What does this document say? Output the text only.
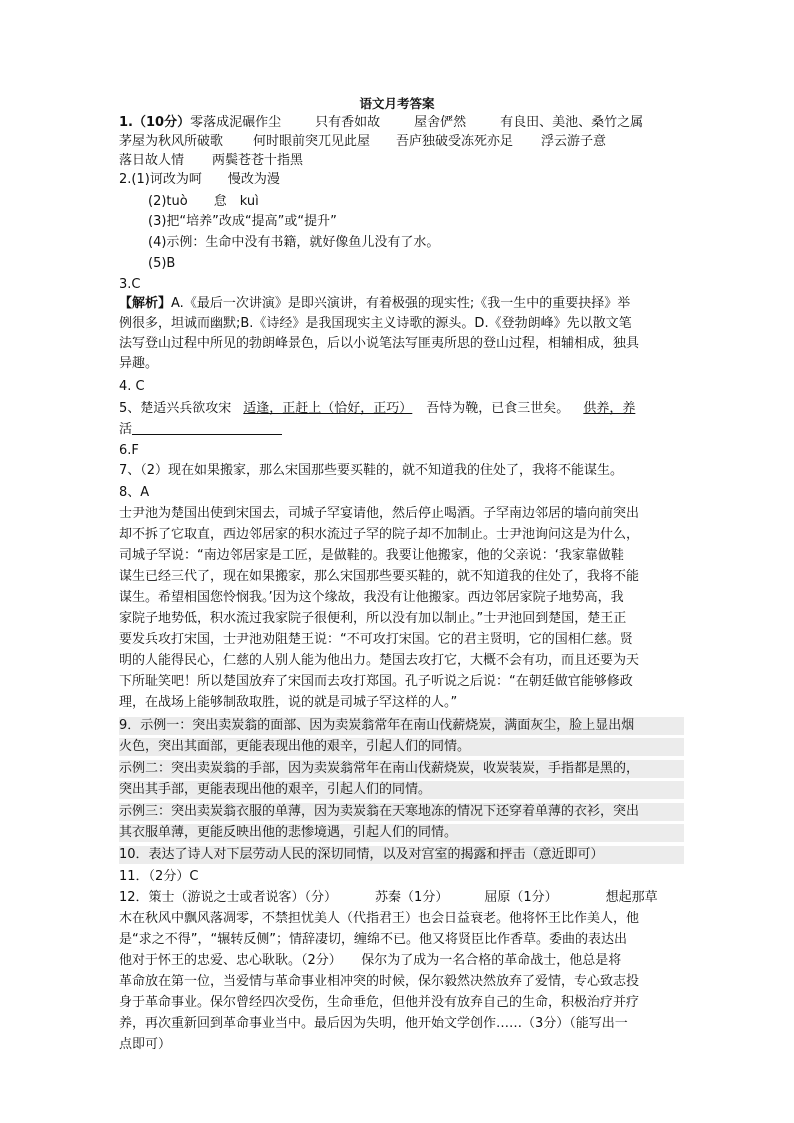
语文月考答案
1.（10分）零落成泥碾作尘	只有香如故	屋舍俨然	有良田、美池、桑竹之属
茅屋为秋风所破歌 何时眼前突兀见此屋 吾庐独破受冻死亦足 浮云游子意
落日故人情 两鬓苍苍十指黑
2.(1)诃改为呵　　慢改为漫
(2)tuò　　怠　kuì
(3)把“培养”改成“提高”或“提升”
(4)示例：生命中没有书籍，就好像鱼儿没有了水。
(5)B
3.C
【解析】A.《最后一次讲演》是即兴演讲，有着极强的现实性;《我一生中的重要抉择》举
例很多，坦诚而幽默;B.《诗经》是我国现实主义诗歌的源头。D.《登勃朗峰》先以散文笔
法写登山过程中所见的勃朗峰景色，后以小说笔法写匪夷所思的登山过程，相辅相成，独具
异趣。
4. C
5、楚适兴兵欲攻宋 适逢，正赶上（恰好，正巧） 吾恃为鞔，已食三世矣。 供养，养
活
6.F
7、（2）现在如果搬家，那么宋国那些要买鞋的，就不知道我的住处了，我将不能谋生。
8、A
士尹池为楚国出使到宋国去，司城子罕宴请他，然后停止喝酒。子罕南边邻居的墙向前突出
却不拆了它取直，西边邻居家的积水流过子罕的院子却不加制止。士尹池询问这是为什么，
司城子罕说：“南边邻居家是工匠，是做鞋的。我要让他搬家，他的父亲说：‘我家靠做鞋
谋生已经三代了，现在如果搬家，那么宋国那些要买鞋的，就不知道我的住处了，我将不能
谋生。希望相国您怜悯我。’因为这个缘故，我没有让他搬家。西边邻居家院子地势高，我
家院子地势低，积水流过我家院子很便利，所以没有加以制止。”士尹池回到楚国，楚王正
要发兵攻打宋国，士尹池劝阻楚王说：“不可攻打宋国。它的君主贤明，它的国相仁慈。贤
明的人能得民心，仁慈的人别人能为他出力。楚国去攻打它，大概不会有功，而且还要为天
下所耻笑吧！所以楚国放弃了宋国而去攻打郑国。孔子听说之后说：“在朝廷做官能够修政
理，在战场上能够制敌取胜，说的就是司城子罕这样的人。”
9．示例一：突出卖炭翁的面部、因为卖炭翁常年在南山伐薪烧炭，满面灰尘，脸上显出烟
火色，突出其面部，更能表现出他的艰辛，引起人们的同情。
示例二：突出卖炭翁的手部，因为卖炭翁常年在南山伐薪烧炭，收炭装炭，手指都是黑的，
突出其手部，更能表现出他的艰辛，引起人们的同情。
示例三：突出卖炭翁衣服的单薄，因为卖炭翁在天寒地冻的情况下还穿着单薄的衣衫，突出
其衣服单薄，更能反映出他的悲惨境遇，引起人们的同情。
10．表达了诗人对下层劳动人民的深切同情，以及对宫室的揭露和抨击（意近即可）
11．（2分）C
12．策士（游说之士或者说客）（分）	苏秦（1分）	屈原（1分）	想起那草
木在秋风中飘风落凋零，不禁担忧美人（代指君王）也会日益衰老。他将怀王比作美人，他
是“求之不得”，“辗转反侧”；情辞凄切，缠绵不已。他又将贤臣比作香草。委曲的表达出
他对于怀王的忠爱、忠心耿耿。（2分）　　保尔为了成为一名合格的革命战士，他总是将
革命放在第一位，当爱情与革命事业相冲突的时候，保尔毅然决然放弃了爱情，专心致志投
身于革命事业。保尔曾经四次受伤，生命垂危，但他并没有放弃自己的生命，积极治疗并疗
养，再次重新回到革命事业当中。最后因为失明，他开始文学创作……（3分）（能写出一
点即可）
